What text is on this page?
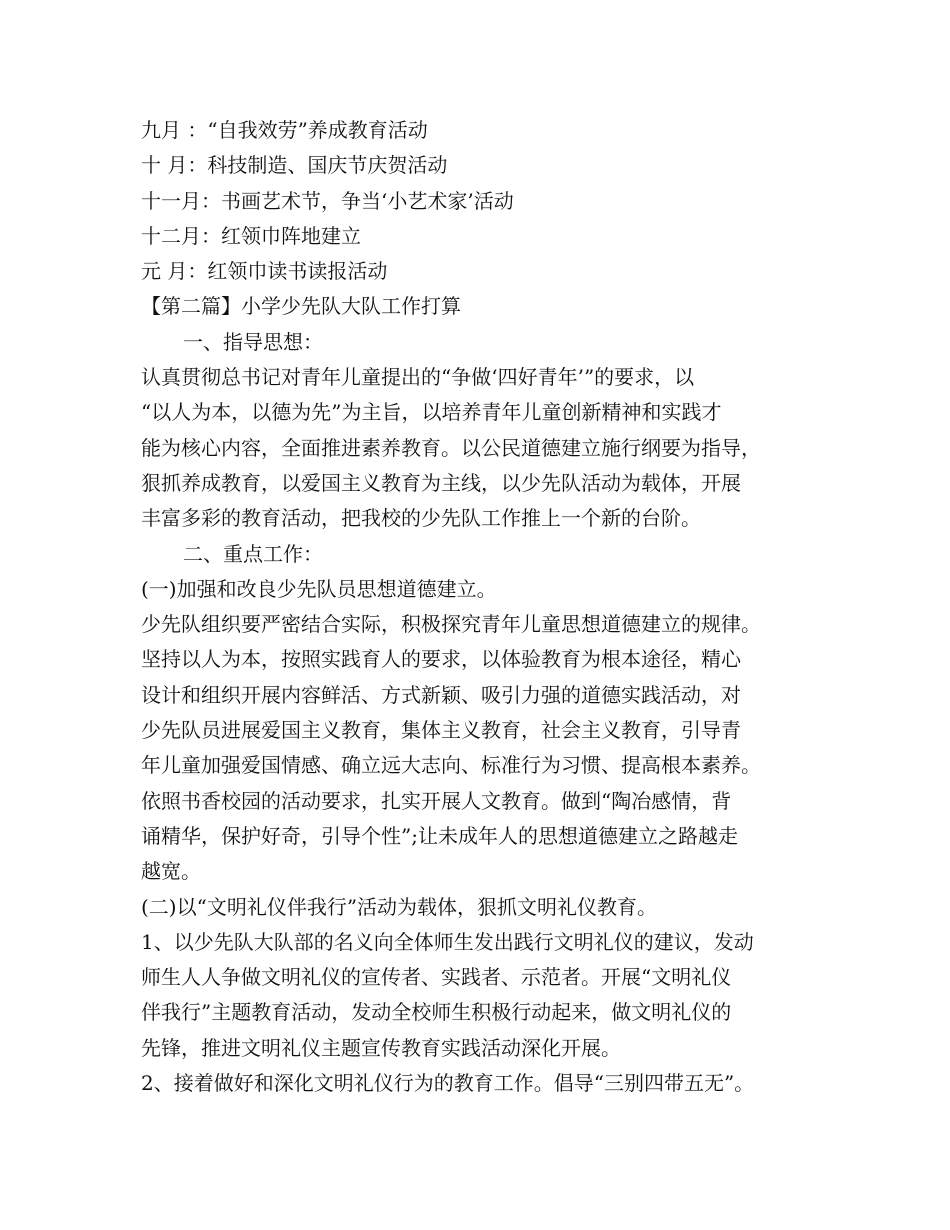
九月 ：“自我效劳”养成教育活动
十 月：科技制造、国庆节庆贺活动
十一月：书画艺术节，争当‘小艺术家’活动
十二月：红领巾阵地建立
元 月：红领巾读书读报活动
【第二篇】小学少先队大队工作打算
一、指导思想：
认真贯彻总书记对青年儿童提出的“争做‘四好青年’”的要求，以
“以人为本，以德为先”为主旨，以培养青年儿童创新精神和实践才
能为核心内容，全面推进素养教育。以公民道德建立施行纲要为指导，
狠抓养成教育，以爱国主义教育为主线，以少先队活动为载体，开展
丰富多彩的教育活动，把我校的少先队工作推上一个新的台阶。
二、重点工作：
(一)加强和改良少先队员思想道德建立。
少先队组织要严密结合实际，积极探究青年儿童思想道德建立的规律。
坚持以人为本，按照实践育人的要求，以体验教育为根本途径，精心
设计和组织开展内容鲜活、方式新颖、吸引力强的道德实践活动，对
少先队员进展爱国主义教育，集体主义教育，社会主义教育，引导青
年儿童加强爱国情感、确立远大志向、标准行为习惯、提高根本素养。
依照书香校园的活动要求，扎实开展人文教育。做到“陶冶感情，背
诵精华，保护好奇，引导个性”;让未成年人的思想道德建立之路越走
越宽。
(二)以“文明礼仪伴我行”活动为载体，狠抓文明礼仪教育。
1、以少先队大队部的名义向全体师生发出践行文明礼仪的建议，发动
师生人人争做文明礼仪的宣传者、实践者、示范者。开展“文明礼仪
伴我行”主题教育活动，发动全校师生积极行动起来，做文明礼仪的
先锋，推进文明礼仪主题宣传教育实践活动深化开展。
2、接着做好和深化文明礼仪行为的教育工作。倡导“三别四带五无”。
